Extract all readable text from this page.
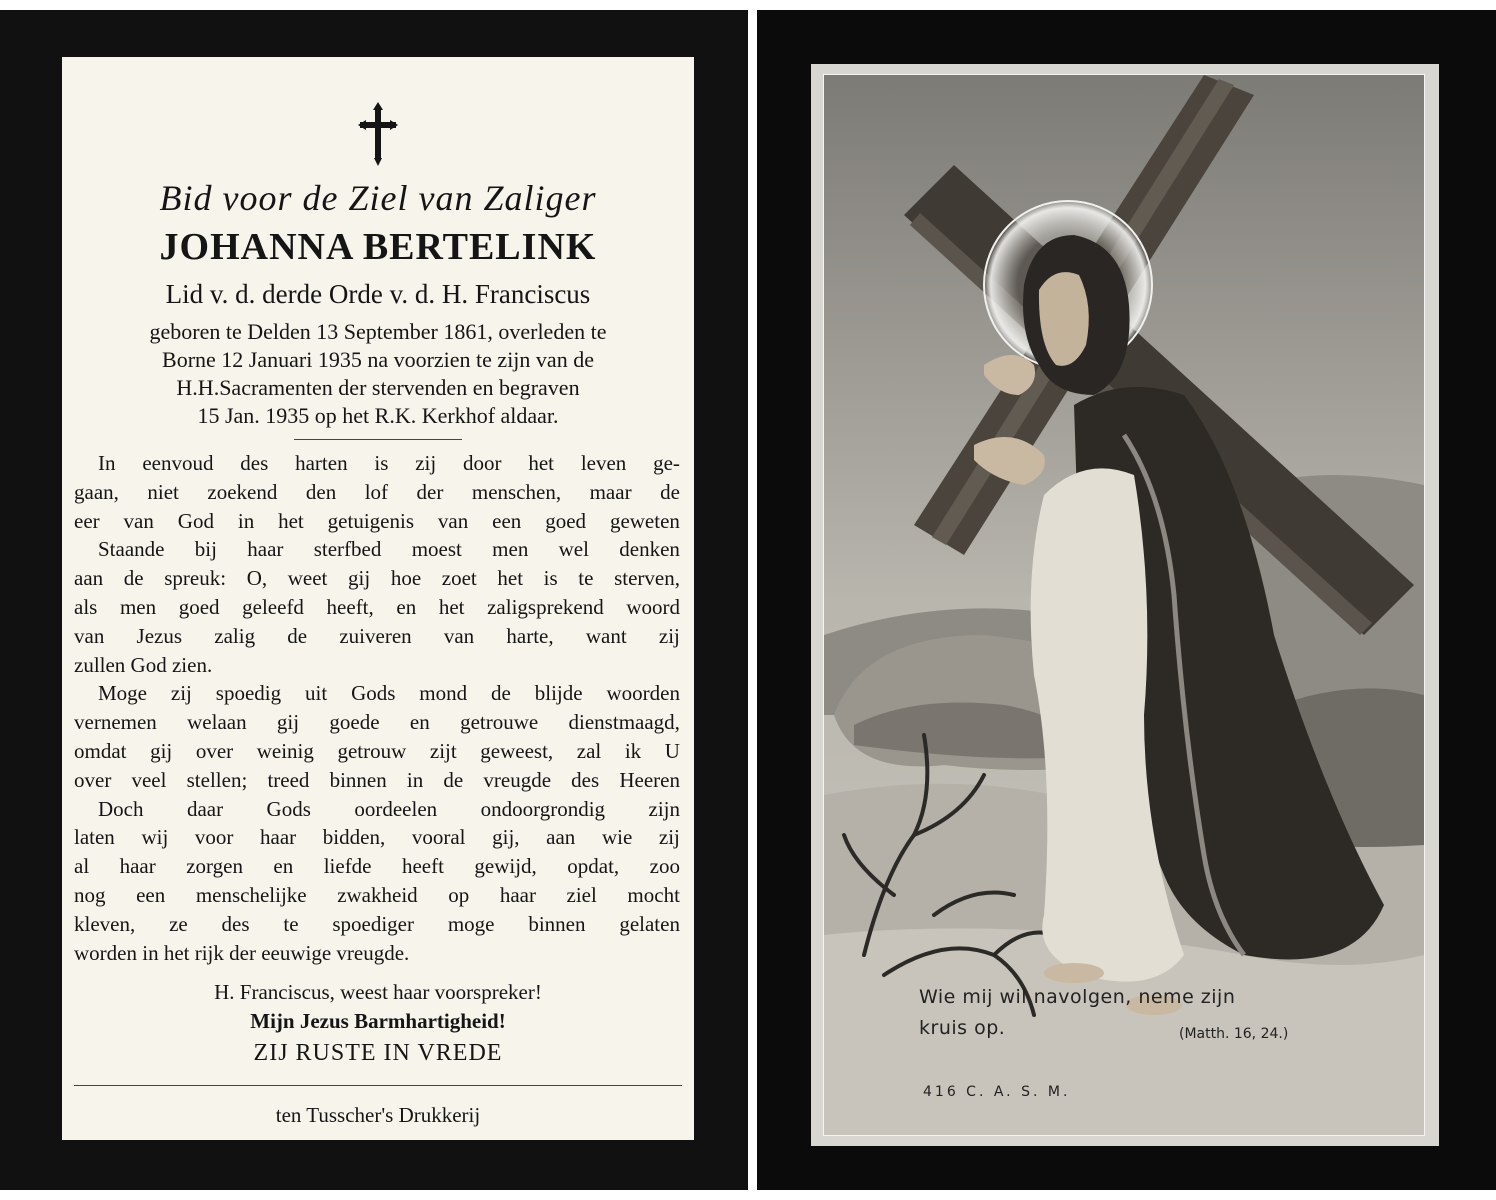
Bid voor de Ziel van Zaliger
JOHANNA BERTELINK
Lid v. d. derde Orde v. d. H. Franciscus
geboren te Delden 13 September 1861, overleden te
Borne 12 Januari 1935 na voorzien te zijn van de
H.H.Sacramenten der stervenden en begraven
15 Jan. 1935 op het R.K. Kerkhof aldaar.
In eenvoud des harten is zij door het leven ge-
gaan, niet zoekend den lof der menschen, maar de
eer van God in het getuigenis van een goed geweten
Staande bij haar sterfbed moest men wel denken
aan de spreuk: O, weet gij hoe zoet het is te sterven,
als men goed geleefd heeft, en het zaligsprekend woord
van Jezus zalig de zuiveren van harte, want zij
zullen God zien.
Moge zij spoedig uit Gods mond de blijde woorden
vernemen welaan gij goede en getrouwe dienstmaagd,
omdat gij over weinig getrouw zijt geweest, zal ik U
over veel stellen; treed binnen in de vreugde des Heeren
Doch daar Gods oordeelen ondoorgrondig zijn
laten wij voor haar bidden, vooral gij, aan wie zij
al haar zorgen en liefde heeft gewijd, opdat, zoo
nog een menschelijke zwakheid op haar ziel mocht
kleven, ze des te spoediger moge binnen gelaten
worden in het rijk der eeuwige vreugde.
H. Franciscus, weest haar voorspreker!
Mijn Jezus Barmhartigheid!
ZIJ RUSTE IN VREDE
ten Tusscher's Drukkerij
Wie mij wil navolgen, neme zijn
kruis op.	(Matth. 16, 24.)
416 C. A. S. M.
